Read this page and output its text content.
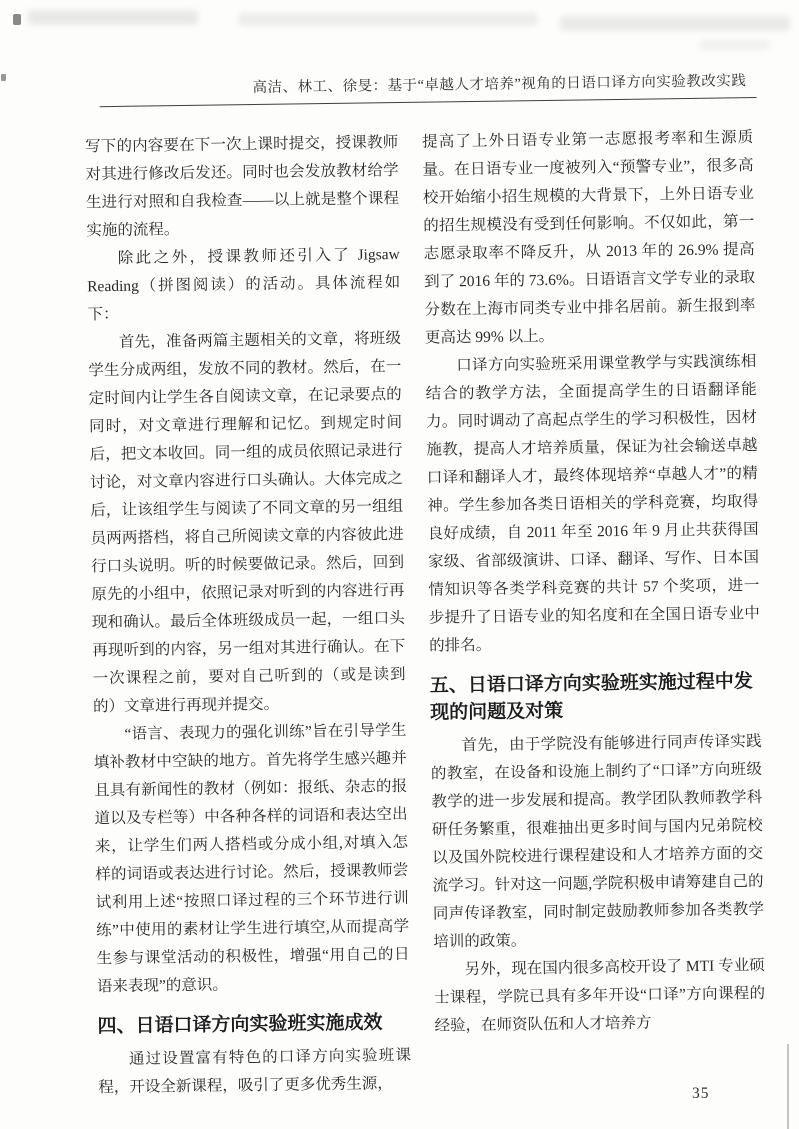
高洁、林工、徐旻：基于“卓越人才培养”视角的日语口译方向实验教改实践

写下的内容要在下一次上课时提交，授课教师对其进行修改后发还。同时也会发放教材给学生进行对照和自我检查——以上就是整个课程实施的流程。

除此之外，授课教师还引入了 Jigsaw Reading（拼图阅读）的活动。具体流程如下：

首先，准备两篇主题相关的文章，将班级学生分成两组，发放不同的教材。然后，在一定时间内让学生各自阅读文章，在记录要点的同时，对文章进行理解和记忆。到规定时间后，把文本收回。同一组的成员依照记录进行讨论，对文章内容进行口头确认。大体完成之后，让该组学生与阅读了不同文章的另一组组员两两搭档，将自己所阅读文章的内容彼此进行口头说明。听的时候要做记录。然后，回到原先的小组中，依照记录对听到的内容进行再现和确认。最后全体班级成员一起，一组口头再现听到的内容，另一组对其进行确认。在下一次课程之前，要对自己听到的（或是读到的）文章进行再现并提交。

“语言、表现力的强化训练”旨在引导学生填补教材中空缺的地方。首先将学生感兴趣并且具有新闻性的教材（例如：报纸、杂志的报道以及专栏等）中各种各样的词语和表达空出来，让学生们两人搭档或分成小组,对填入怎样的词语或表达进行讨论。然后，授课教师尝试利用上述“按照口译过程的三个环节进行训练”中使用的素材让学生进行填空,从而提高学生参与课堂活动的积极性，增强“用自己的日语来表现”的意识。

四、日语口译方向实验班实施成效

通过设置富有特色的口译方向实验班课程，开设全新课程，吸引了更多优秀生源，

提高了上外日语专业第一志愿报考率和生源质量。在日语专业一度被列入“预警专业”，很多高校开始缩小招生规模的大背景下，上外日语专业的招生规模没有受到任何影响。不仅如此，第一志愿录取率不降反升，从 2013 年的 26.9% 提高到了 2016 年的 73.6%。日语语言文学专业的录取分数在上海市同类专业中排名居前。新生报到率更高达 99% 以上。

口译方向实验班采用课堂教学与实践演练相结合的教学方法，全面提高学生的日语翻译能力。同时调动了高起点学生的学习积极性，因材施教，提高人才培养质量，保证为社会输送卓越口译和翻译人才，最终体现培养“卓越人才”的精神。学生参加各类日语相关的学科竞赛，均取得良好成绩，自 2011 年至 2016 年 9 月止共获得国家级、省部级演讲、口译、翻译、写作、日本国情知识等各类学科竞赛的共计 57 个奖项，进一步提升了日语专业的知名度和在全国日语专业中的排名。

五、日语口译方向实验班实施过程中发现的问题及对策

首先，由于学院没有能够进行同声传译实践的教室，在设备和设施上制约了“口译”方向班级教学的进一步发展和提高。教学团队教师教学科研任务繁重，很难抽出更多时间与国内兄弟院校以及国外院校进行课程建设和人才培养方面的交流学习。针对这一问题,学院积极申请筹建自己的同声传译教室，同时制定鼓励教师参加各类教学培训的政策。

另外，现在国内很多高校开设了 MTI 专业硕士课程，学院已具有多年开设“口译”方向课程的经验，在师资队伍和人才培养方

35
